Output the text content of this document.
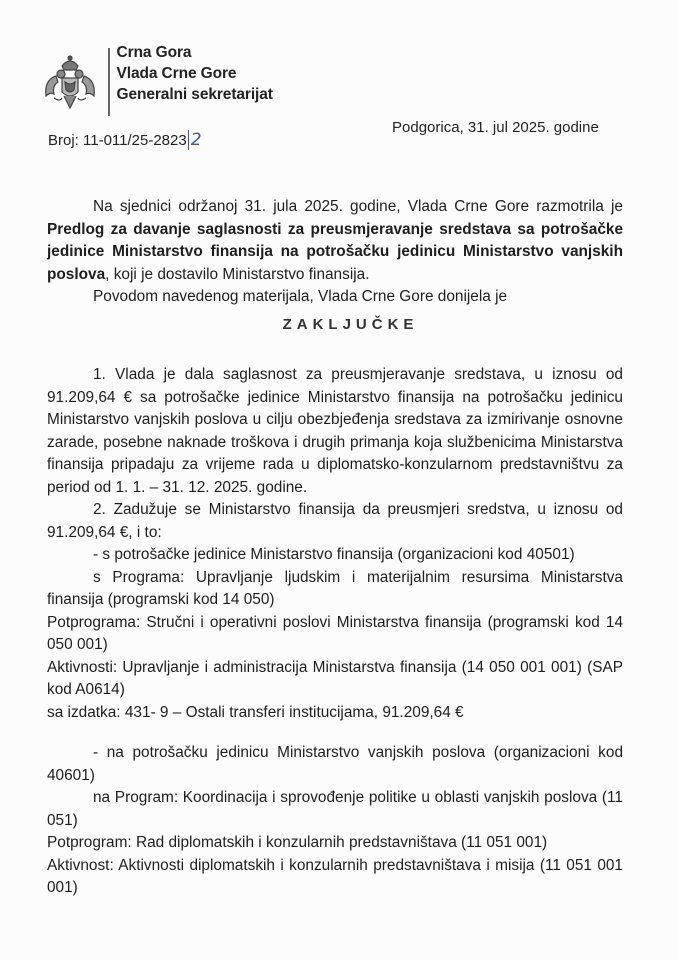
Crna Gora
Vlada Crne Gore
Generalni sekretarijat
Broj: 11-011/25-2823 2
Podgorica, 31. jul 2025. godine

Na sjednici održanoj 31. jula 2025. godine, Vlada Crne Gore razmotrila je Predlog za davanje saglasnosti za preusmjeravanje sredstava sa potrošačke jedinice Ministarstvo finansija na potrošačku jedinicu Ministarstvo vanjskih poslova, koji je dostavilo Ministarstvo finansija.

Povodom navedenog materijala, Vlada Crne Gore donijela je

ZAKLJUČKE

1. Vlada je dala saglasnost za preusmjeravanje sredstava, u iznosu od 91.209,64 € sa potrošačke jedinice Ministarstvo finansija na potrošačku jedinicu Ministarstvo vanjskih poslova u cilju obezbjeđenja sredstava za izmirivanje osnovne zarade, posebne naknade troškova i drugih primanja koja službenicima Ministarstva finansija pripadaju za vrijeme rada u diplomatsko-konzularnom predstavništvu za period od 1. 1. – 31. 12. 2025. godine.

2. Zadužuje se Ministarstvo finansija da preusmjeri sredstva, u iznosu od 91.209,64 €, i to:

- s potrošačke jedinice Ministarstvo finansija (organizacioni kod 40501)

s Programa: Upravljanje ljudskim i materijalnim resursima Ministarstva finansija (programski kod 14 050)

Potprograma: Stručni i operativni poslovi Ministarstva finansija (programski kod 14 050 001)

Aktivnosti: Upravljanje i administracija Ministarstva finansija (14 050 001 001) (SAP kod A0614)

sa izdatka: 431- 9 – Ostali transferi institucijama, 91.209,64 €

- na potrošačku jedinicu Ministarstvo vanjskih poslova (organizacioni kod 40601)

na Program: Koordinacija i sprovođenje politike u oblasti vanjskih poslova (11 051)

Potprogram: Rad diplomatskih i konzularnih predstavništava (11 051 001)

Aktivnost: Aktivnosti diplomatskih i konzularnih predstavništava i misija (11 051 001 001)
